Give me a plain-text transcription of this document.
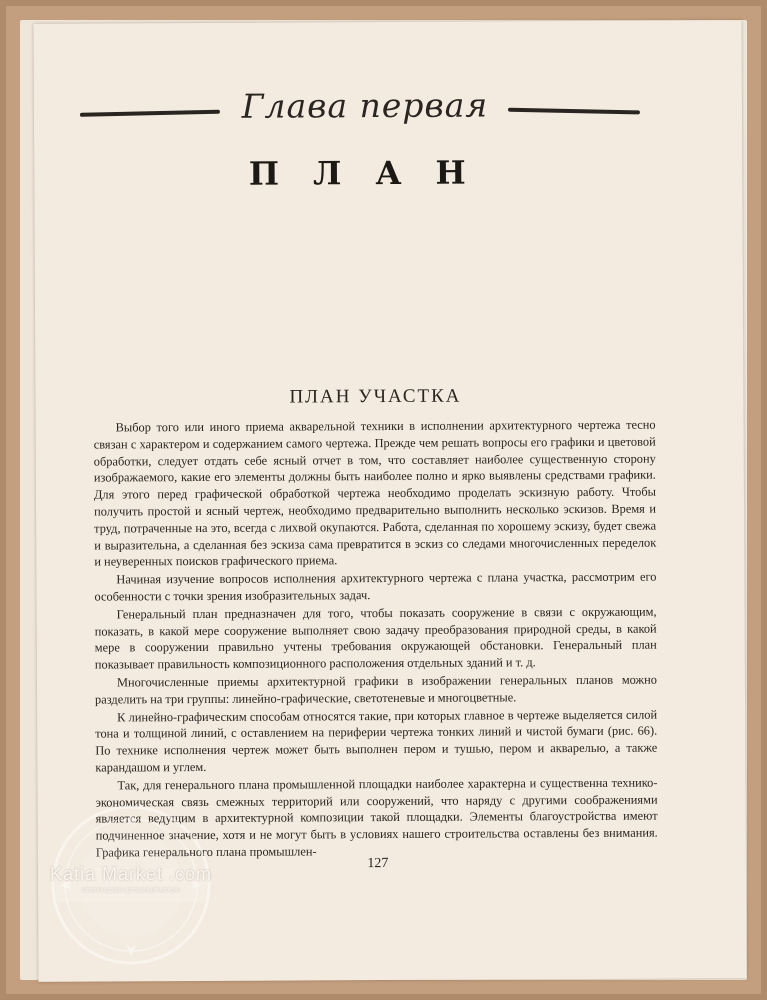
Глава первая
ПЛАН
ПЛАН УЧАСТКА

Выбор того или иного приема акварельной техники в исполнении архитектурного чертежа тесно связан с характером и содержанием самого чертежа. Прежде чем решать вопросы его графики и цветовой обработки, следует отдать себе ясный отчет в том, что составляет наиболее существенную сторону изображаемого, какие его элементы должны быть наиболее полно и ярко выявлены средствами графики. Для этого перед графической обработкой чертежа необходимо проделать эскизную работу. Чтобы получить простой и ясный чертеж, необходимо предварительно выполнить несколько эскизов. Время и труд, потраченные на это, всегда с лихвой окупаются. Работа, сделанная по хорошему эскизу, будет свежа и выразительна, а сделанная без эскиза сама превратится в эскиз со следами многочисленных переделок и неуверенных поисков графического приема.

Начиная изучение вопросов исполнения архитектурного чертежа с плана участка, рассмотрим его особенности с точки зрения изобразительных задач.

Генеральный план предназначен для того, чтобы показать сооружение в связи с окружающим, показать, в какой мере сооружение выполняет свою задачу преобразования природной среды, в какой мере в сооружении правильно учтены требования окружающей обстановки. Генеральный план показывает правильность композиционного расположения отдельных зданий и т. д.

Многочисленные приемы архитектурной графики в изображении генеральных планов можно разделить на три группы: линейно-графические, светотеневые и многоцветные.

К линейно-графическим способам относятся такие, при которых главное в чертеже выделяется силой тона и толщиной линий, с оставлением на периферии чертежа тонких линий и чистой бумаги (рис. 66). По технике исполнения чертеж может быть выполнен пером и тушью, пером и акварелью, а также карандашом и углем.

Так, для генерального плана промышленной площадки наиболее характерна и существенна технико-экономическая связь смежных территорий или сооружений, что наряду с другими соображениями является ведущим в архитектурной композиции такой площадки. Элементы благоустройства имеют подчиненное значение, хотя и не могут быть в условиях нашего строительства оставлены без внимания. Графика генерального плана промышлен-

127
Katia Market .com
ИСТОРИЧЕСКИЙ ЧЕРТЕЖНЫЙ МАГАЗИН
